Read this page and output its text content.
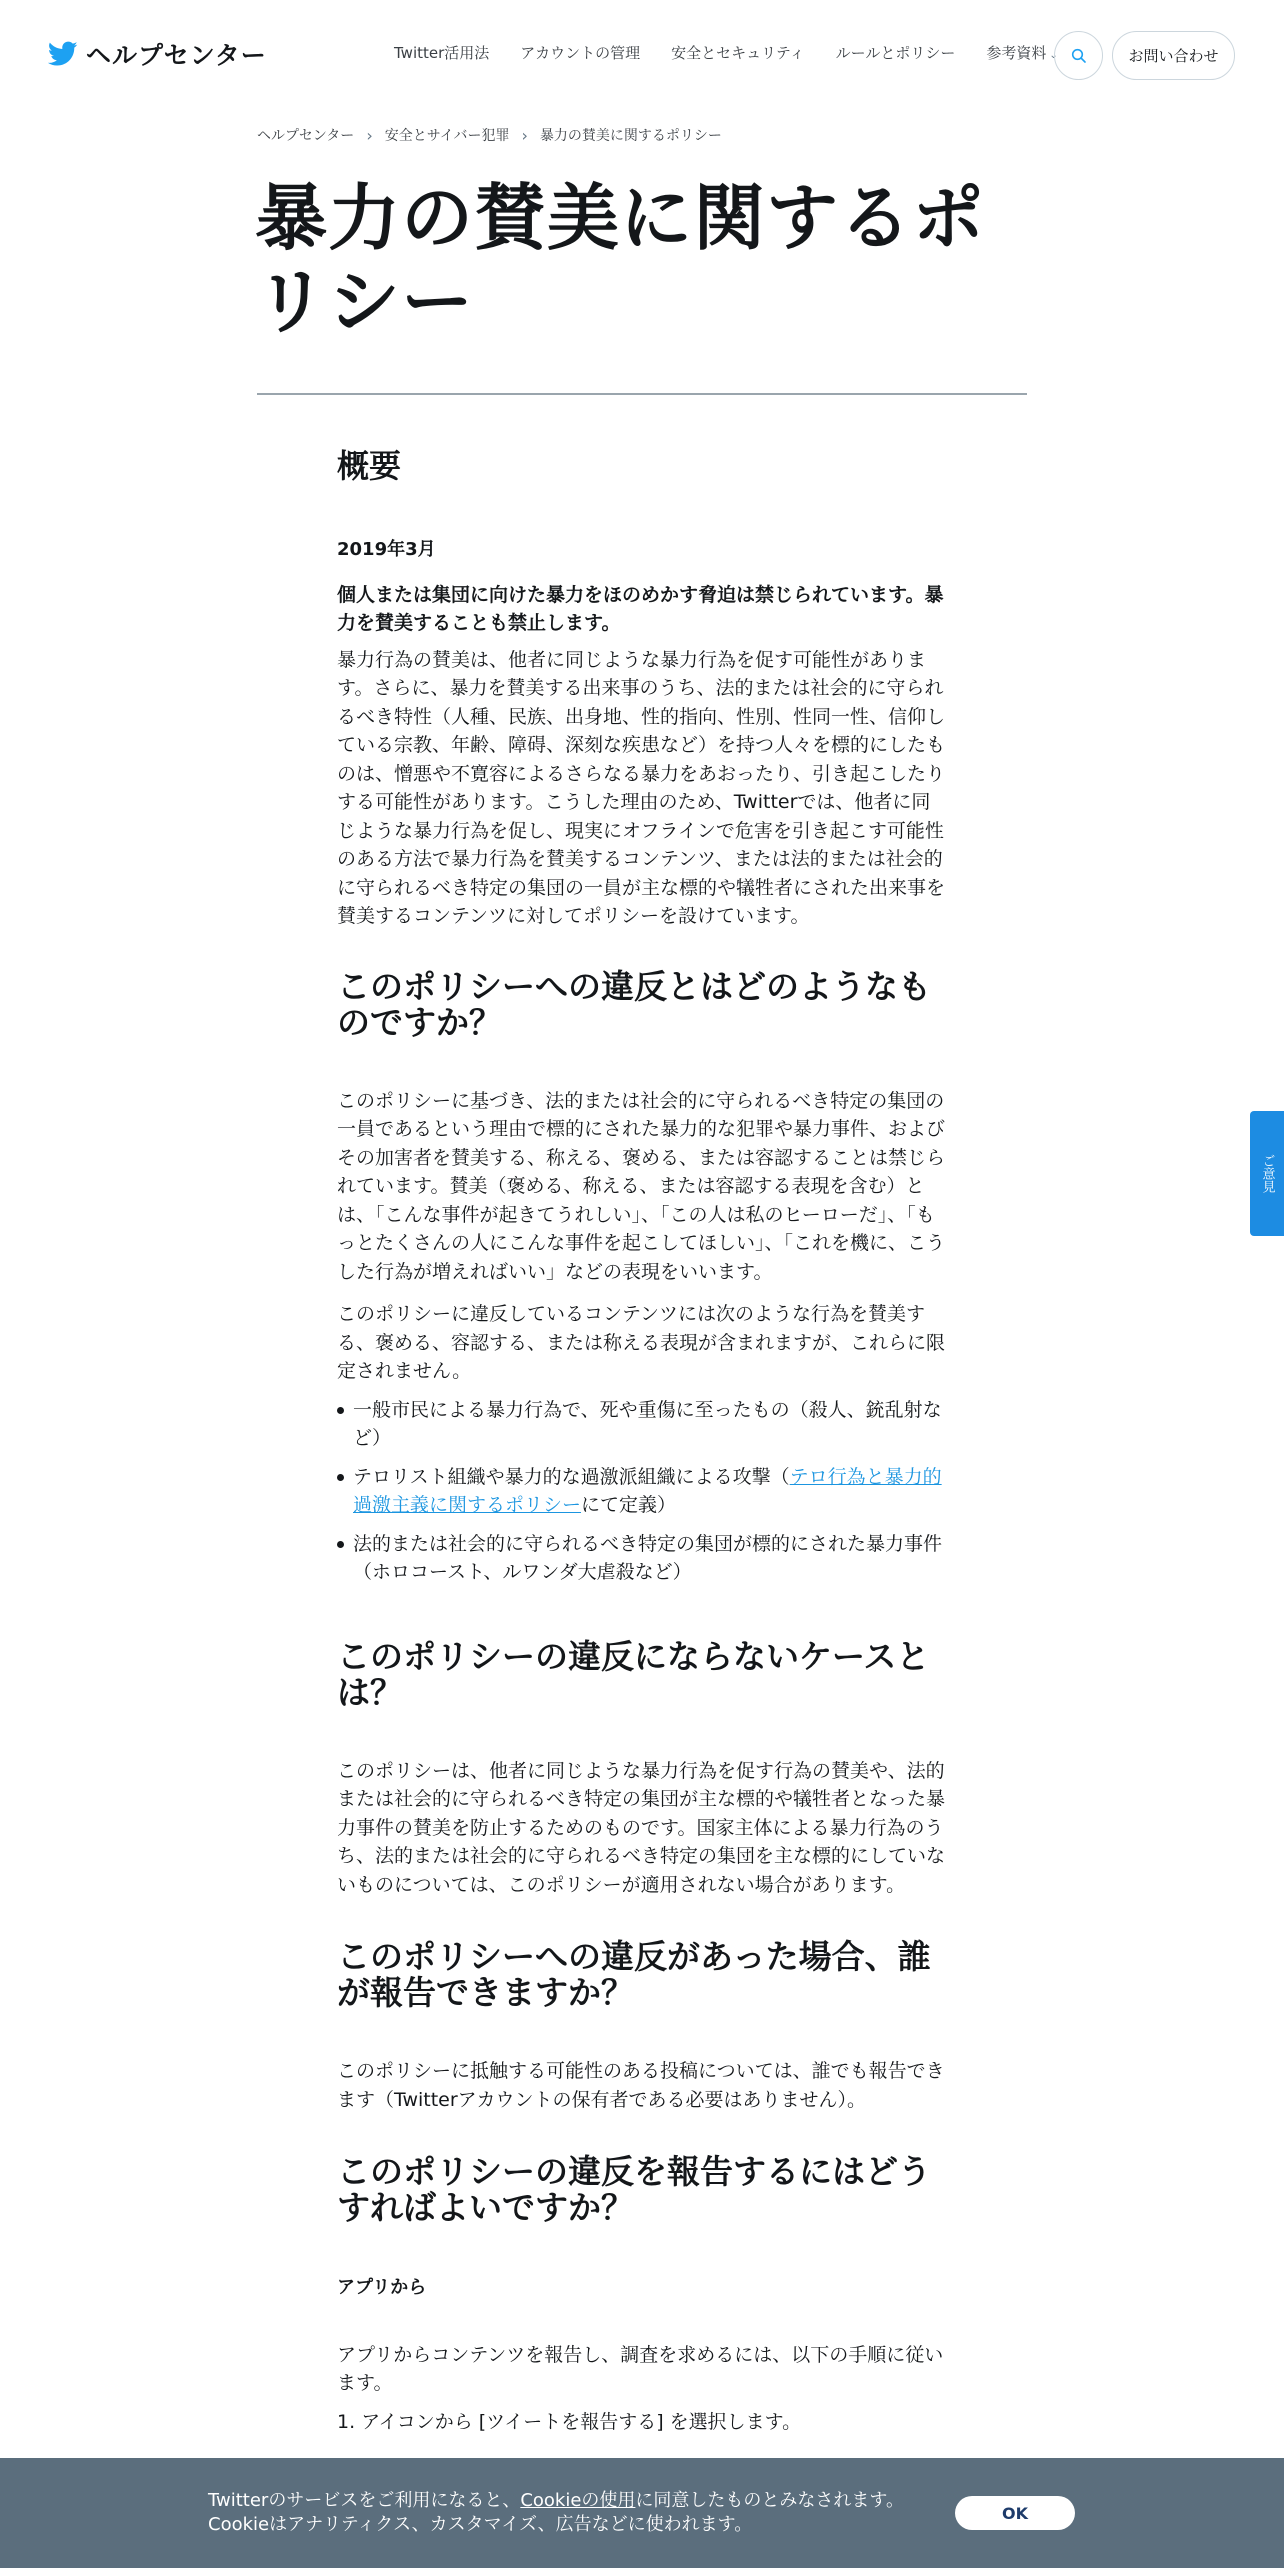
ヘルプセンター	Twitter活用法 アカウントの管理 安全とセキュリティ ルールとポリシー 参考資料 ⌄	お問い合わせ
ヘルプセンター › 安全とサイバー犯罪 › 暴力の賛美に関するポリシー
暴力の賛美に関するポ
リシー
概要

2019年3月

個人または集団に向けた暴力をほのめかす脅迫は禁じられています。暴力を賛美することも禁止します。

暴力行為の賛美は、他者に同じような暴力行為を促す可能性があります。さらに、暴力を賛美する出来事のうち、法的または社会的に守られるべき特性（人種、民族、出身地、性的指向、性別、性同一性、信仰している宗教、年齢、障碍、深刻な疾患など）を持つ人々を標的にしたものは、憎悪や不寛容によるさらなる暴力をあおったり、引き起こしたりする可能性があります。こうした理由のため、Twitterでは、他者に同じような暴力行為を促し、現実にオフラインで危害を引き起こす可能性のある方法で暴力行為を賛美するコンテンツ、または法的または社会的に守られるべき特定の集団の一員が主な標的や犠牲者にされた出来事を賛美するコンテンツに対してポリシーを設けています。

このポリシーへの違反とはどのようなものですか？

このポリシーに基づき、法的または社会的に守られるべき特定の集団の一員であるという理由で標的にされた暴力的な犯罪や暴力事件、およびその加害者を賛美する、称える、褒める、または容認することは禁じられています。賛美（褒める、称える、または容認する表現を含む）とは、「こんな事件が起きてうれしい」、「この人は私のヒーローだ」、「もっとたくさんの人にこんな事件を起こしてほしい」、「これを機に、こうした行為が増えればいい」などの表現をいいます。

このポリシーに違反しているコンテンツには次のような行為を賛美する、褒める、容認する、または称える表現が含まれますが、これらに限定されません。

一般市民による暴力行為で、死や重傷に至ったもの（殺人、銃乱射など）
テロリスト組織や暴力的な過激派組織による攻撃（テロ行為と暴力的過激主義に関するポリシーにて定義）
法的または社会的に守られるべき特定の集団が標的にされた暴力事件（ホロコースト、ルワンダ大虐殺など）
このポリシーの違反にならないケースとは？

このポリシーは、他者に同じような暴力行為を促す行為の賛美や、法的または社会的に守られるべき特定の集団が主な標的や犠牲者となった暴力事件の賛美を防止するためのものです。国家主体による暴力行為のうち、法的または社会的に守られるべき特定の集団を主な標的にしていないものについては、このポリシーが適用されない場合があります。

このポリシーへの違反があった場合、誰が報告できますか？

このポリシーに抵触する可能性のある投稿については、誰でも報告できます（Twitterアカウントの保有者である必要はありません）。

このポリシーの違反を報告するにはどうすればよいですか？

アプリから

アプリからコンテンツを報告し、調査を求めるには、以下の手順に従います。

1. アイコンから [ツイートを報告する] を選択します。

ご意見
Twitterのサービスをご利用になると、Cookieの使用に同意したものとみなされます。
Cookieはアナリティクス、カスタマイズ、広告などに使われます。
OK
